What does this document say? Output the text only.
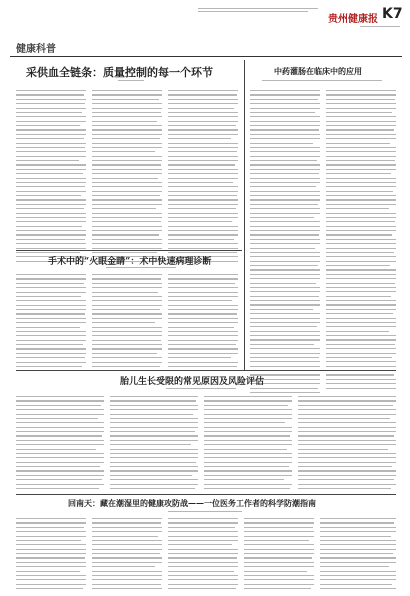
健康科普
贵州健康报 K7
采供血全链条：质量控制的每一个环节	中药灌肠在临床中的应用
手术中的“火眼金睛”：术中快速病理诊断
胎儿生长受限的常见原因及风险评估
回南天：藏在潮湿里的健康攻防战——一位医务工作者的科学防潮指南
